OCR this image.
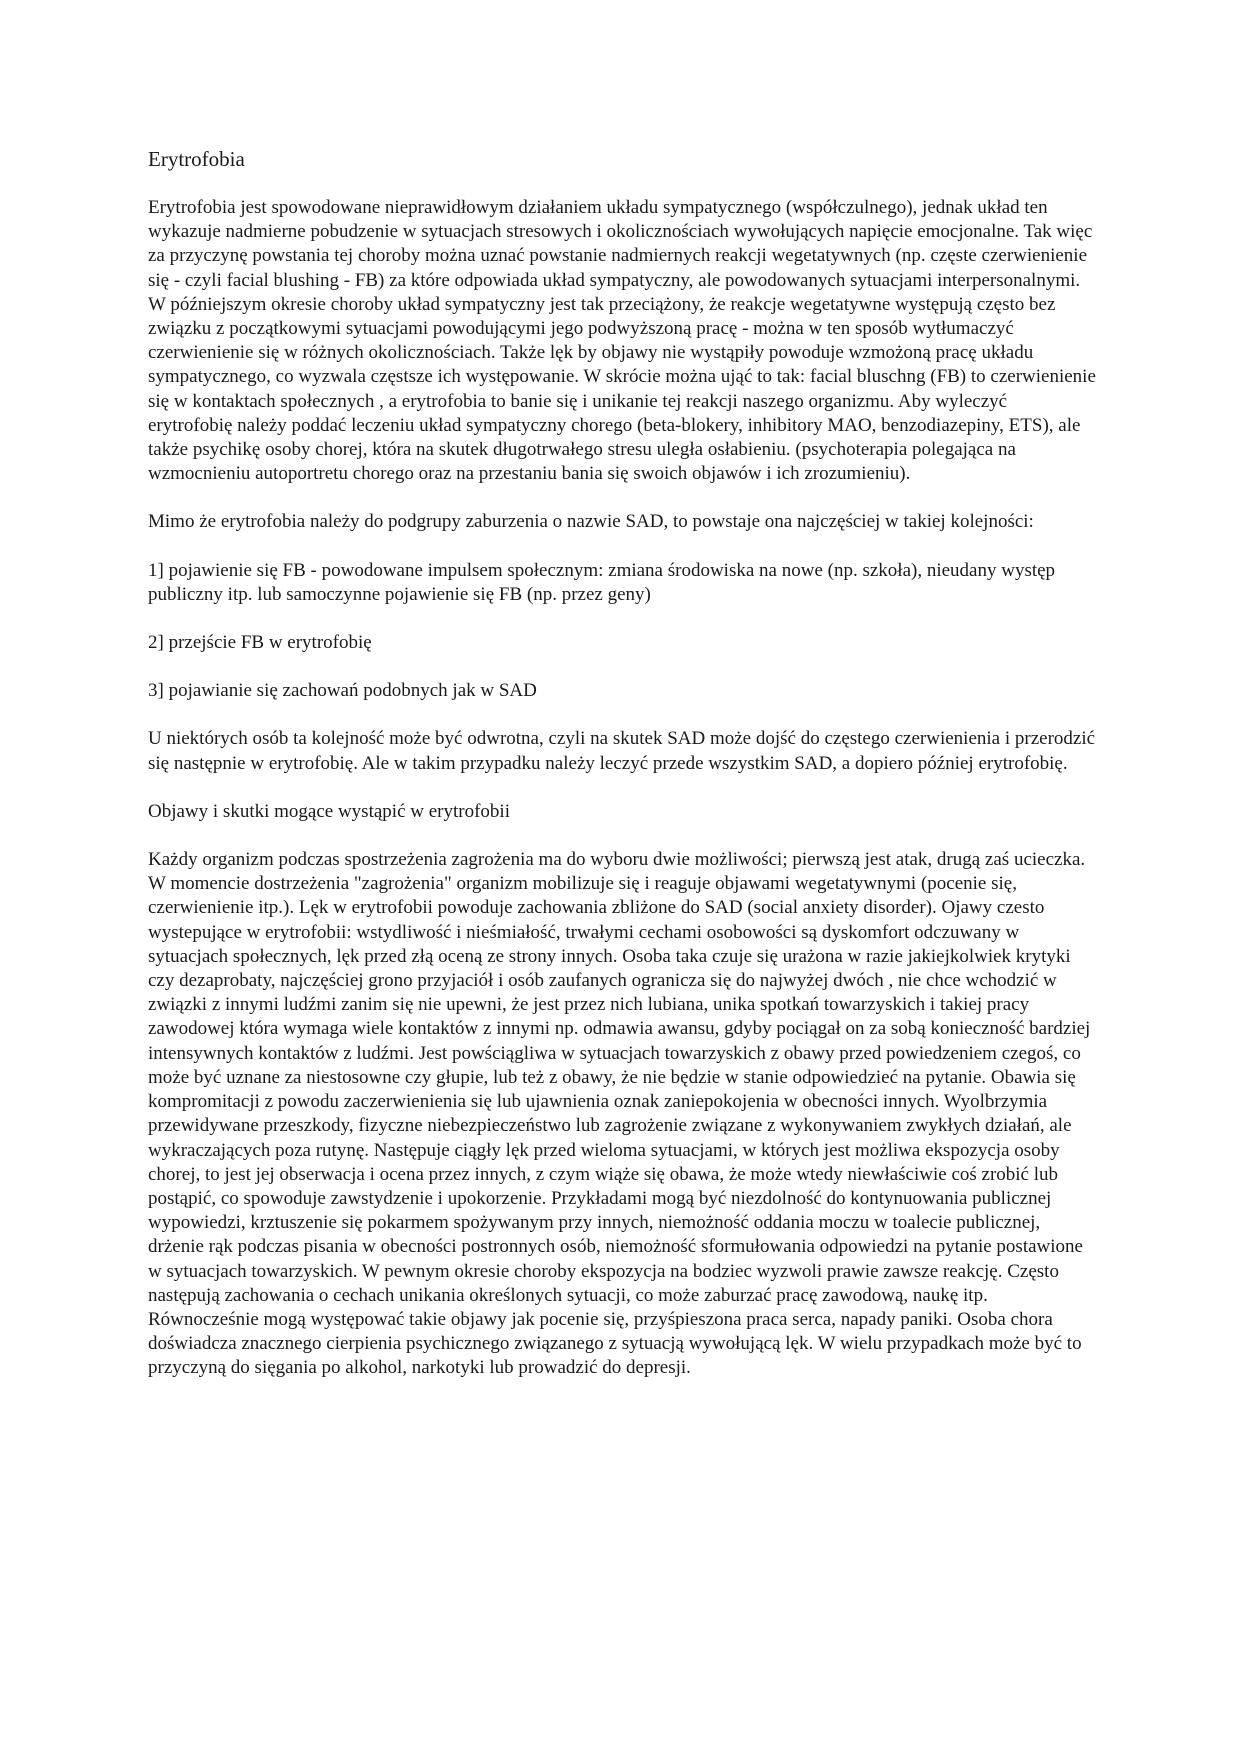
Erytrofobia

Erytrofobia jest spowodowane nieprawidłowym działaniem układu sympatycznego (współczulnego), jednak układ ten wykazuje nadmierne pobudzenie w sytuacjach stresowych i okolicznościach wywołujących napięcie emocjonalne. Tak więc za przyczynę powstania tej choroby można uznać powstanie nadmiernych reakcji wegetatywnych (np. częste czerwienienie się - czyli facial blushing - FB) za które odpowiada układ sympatyczny, ale powodowanych sytuacjami interpersonalnymi. W późniejszym okresie choroby układ sympatyczny jest tak przeciążony, że reakcje wegetatywne występują często bez związku z początkowymi sytuacjami powodującymi jego podwyższoną pracę - można w ten sposób wytłumaczyć czerwienienie się w różnych okolicznościach. Także lęk by objawy nie wystąpiły powoduje wzmożoną pracę układu sympatycznego, co wyzwala częstsze ich występowanie. W skrócie można ująć to tak: facial bluschng (FB) to czerwienienie się w kontaktach społecznych , a erytrofobia to banie się i unikanie tej reakcji naszego organizmu. Aby wyleczyć erytrofobię należy poddać leczeniu układ sympatyczny chorego (beta-blokery, inhibitory MAO, benzodiazepiny, ETS), ale także psychikę osoby chorej, która na skutek długotrwałego stresu uległa osłabieniu. (psychoterapia polegająca na wzmocnieniu autoportretu chorego oraz na przestaniu bania się swoich objawów i ich zrozumieniu).

Mimo że erytrofobia należy do podgrupy zaburzenia o nazwie SAD, to powstaje ona najczęściej w takiej kolejności:

1] pojawienie się FB - powodowane impulsem społecznym: zmiana środowiska na nowe (np. szkoła), nieudany występ publiczny itp. lub samoczynne pojawienie się FB (np. przez geny)

2] przejście FB w erytrofobię

3] pojawianie się zachowań podobnych jak w SAD

U niektórych osób ta kolejność może być odwrotna, czyli na skutek SAD może dojść do częstego czerwienienia i przerodzić się następnie w erytrofobię. Ale w takim przypadku należy leczyć przede wszystkim SAD, a dopiero później erytrofobię.

Objawy i skutki mogące wystąpić w erytrofobii

Każdy organizm podczas spostrzeżenia zagrożenia ma do wyboru dwie możliwości; pierwszą jest atak, drugą zaś ucieczka. W momencie dostrzeżenia "zagrożenia" organizm mobilizuje się i reaguje objawami wegetatywnymi (pocenie się, czerwienienie itp.). Lęk w erytrofobii powoduje zachowania zbliżone do SAD (social anxiety disorder). Ojawy czesto wystepujące w erytrofobii: wstydliwość i nieśmiałość, trwałymi cechami osobowości są dyskomfort odczuwany w sytuacjach społecznych, lęk przed złą oceną ze strony innych. Osoba taka czuje się urażona w razie jakiejkolwiek krytyki czy dezaprobaty, najczęściej grono przyjaciół i osób zaufanych ogranicza się do najwyżej dwóch , nie chce wchodzić w związki z innymi ludźmi zanim się nie upewni, że jest przez nich lubiana, unika spotkań towarzyskich i takiej pracy zawodowej która wymaga wiele kontaktów z innymi np. odmawia awansu, gdyby pociągał on za sobą konieczność bardziej intensywnych kontaktów z ludźmi. Jest powściągliwa w sytuacjach towarzyskich z obawy przed powiedzeniem czegoś, co może być uznane za niestosowne czy głupie, lub też z obawy, że nie będzie w stanie odpowiedzieć na pytanie. Obawia się kompromitacji z powodu zaczerwienienia się lub ujawnienia oznak zaniepokojenia w obecności innych. Wyolbrzymia przewidywane przeszkody, fizyczne niebezpieczeństwo lub zagrożenie związane z wykonywaniem zwykłych działań, ale wykraczających poza rutynę. Następuje ciągły lęk przed wieloma sytuacjami, w których jest możliwa ekspozycja osoby chorej, to jest jej obserwacja i ocena przez innych, z czym wiąże się obawa, że może wtedy niewłaściwie coś zrobić lub postąpić, co spowoduje zawstydzenie i upokorzenie. Przykładami mogą być niezdolność do kontynuowania publicznej wypowiedzi, krztuszenie się pokarmem spożywanym przy innych, niemożność oddania moczu w toalecie publicznej, drżenie rąk podczas pisania w obecności postronnych osób, niemożność sformułowania odpowiedzi na pytanie postawione w sytuacjach towarzyskich. W pewnym okresie choroby ekspozycja na bodziec wyzwoli prawie zawsze reakcję. Często następują zachowania o cechach unikania określonych sytuacji, co może zaburzać pracę zawodową, naukę itp. Równocześnie mogą występować takie objawy jak pocenie się, przyśpieszona praca serca, napady paniki. Osoba chora doświadcza znacznego cierpienia psychicznego związanego z sytuacją wywołującą lęk. W wielu przypadkach może być to przyczyną do sięgania po alkohol, narkotyki lub prowadzić do depresji.
